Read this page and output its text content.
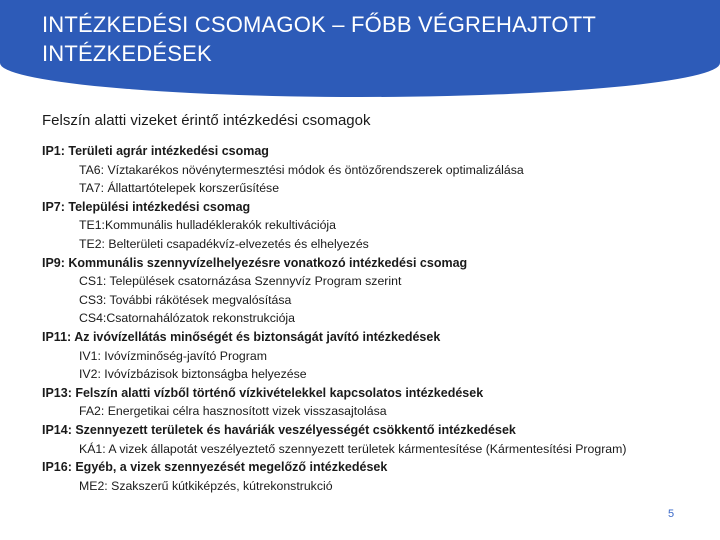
INTÉZKEDÉSI CSOMAGOK – FŐBB VÉGREHAJTOTT INTÉZKEDÉSEK

Felszín alatti vizeket érintő intézkedési csomagok

IP1: Területi agrár intézkedési csomag
TA6: Víztakarékos növénytermesztési módok és öntözőrendszerek optimalizálása
TA7: Állattartótelepek korszerűsítése
IP7: Települési intézkedési csomag
TE1:Kommunális hulladéklerakók rekultivációja
TE2: Belterületi csapadékvíz-elvezetés és elhelyezés
IP9: Kommunális szennyvízelhelyezésre vonatkozó intézkedési csomag
CS1: Települések csatornázása Szennyvíz Program szerint
CS3: További rákötések megvalósítása
CS4:Csatornahálózatok rekonstrukciója
IP11: Az ivóvízellátás minőségét és biztonságát javító intézkedések
IV1: Ivóvízminőség-javító Program
IV2: Ivóvízbázisok biztonságba helyezése
IP13: Felszín alatti vízből történő vízkivételekkel kapcsolatos intézkedések
FA2: Energetikai célra hasznosított vizek visszasajtolása
IP14: Szennyezett területek és haváriák veszélyességét csökkentő intézkedések
KÁ1: A vizek állapotát veszélyeztető szennyezett területek kármentesítése (Kármentesítési Program)
IP16: Egyéb, a vizek szennyezését megelőző intézkedések
ME2: Szakszerű kútkiképzés, kútrekonstrukció
5
